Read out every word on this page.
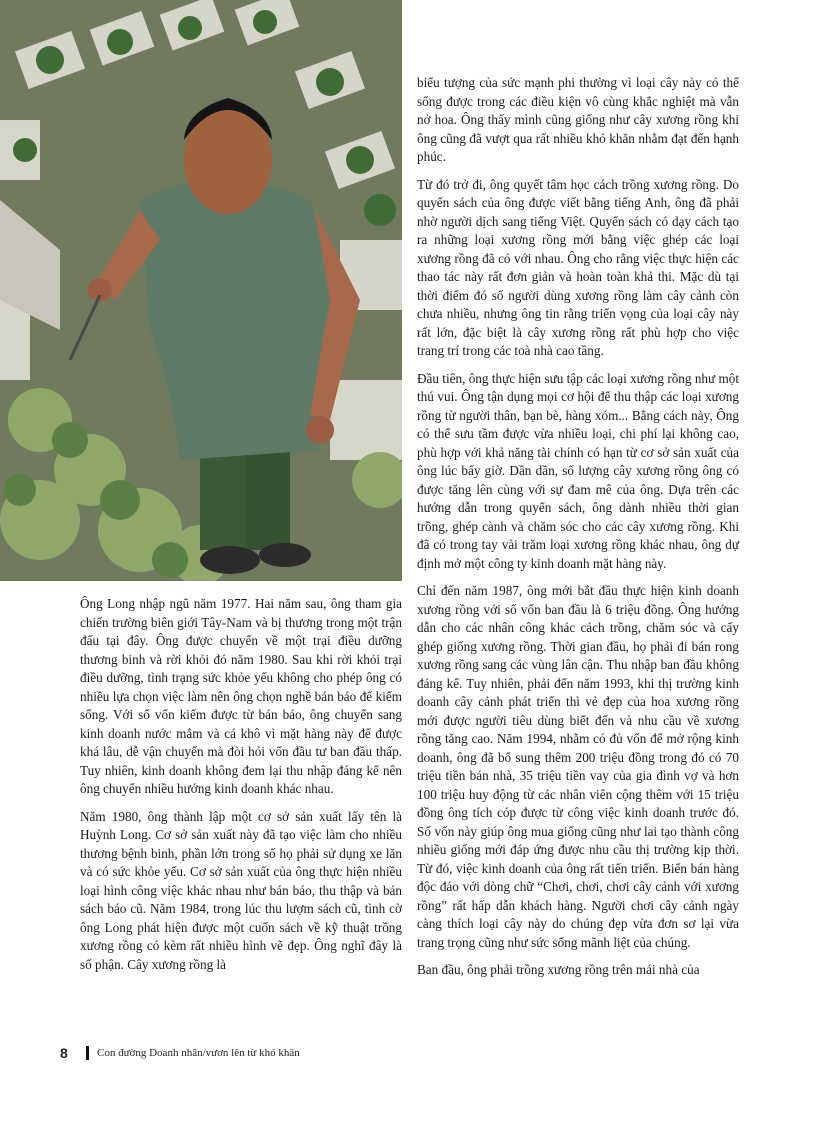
Ông Long nhập ngũ năm 1977. Hai năm sau, ông tham gia chiến trường biên giới Tây-Nam và bị thương trong một trận đấu tại đây. Ông được chuyển về một trại điều dưỡng thương binh và rời khỏi đó năm 1980. Sau khi rời khỏi trại điều dưỡng, tình trạng sức khỏe yếu không cho phép ông có nhiều lựa chọn việc làm nên ông chọn nghề bán báo để kiếm sống. Với số vốn kiếm được từ bán báo, ông chuyển sang kinh doanh nước mắm và cá khô vì mặt hàng này để được khá lâu, dễ vận chuyển mà đòi hỏi vốn đầu tư ban đầu thấp. Tuy nhiên, kinh doanh không đem lại thu nhập đáng kể nên ông chuyển nhiều hướng kinh doanh khác nhau.

Năm 1980, ông thành lập một cơ sở sản xuất lấy tên là Huỳnh Long. Cơ sở sản xuất này đã tạo việc làm cho nhiều thương bệnh binh, phần lớn trong số họ phải sử dụng xe lăn và có sức khỏe yếu. Cơ sở sản xuất của ông thực hiện nhiều loại hình công việc khác nhau như bán báo, thu thập và bán sách báo cũ. Năm 1984, trong lúc thu lượm sách cũ, tình cờ ông Long phát hiện được một cuốn sách về kỹ thuật trồng xương rồng có kèm rất nhiều hình vẽ đẹp. Ông nghĩ đây là số phận. Cây xương rồng là

biểu tượng của sức mạnh phi thường vì loại cây này có thể sống được trong các điều kiện vô cùng khắc nghiệt mà vẫn nở hoa. Ông thấy mình cũng giống như cây xương rồng khi ông cũng đã vượt qua rất nhiều khó khăn nhằm đạt đến hạnh phúc.

Từ đó trở đi, ông quyết tâm học cách trồng xương rồng. Do quyển sách của ông được viết bằng tiếng Anh, ông đã phải nhờ người dịch sang tiếng Việt. Quyển sách có dạy cách tạo ra những loại xương rồng mới bằng việc ghép các loại xương rồng đã có với nhau. Ông cho rằng việc thực hiện các thao tác này rất đơn giản và hoàn toàn khả thi. Mặc dù tại thời điểm đó số người dùng xương rồng làm cây cảnh còn chưa nhiều, nhưng ông tin rằng triển vọng của loại cây này rất lớn, đặc biệt là cây xương rồng rất phù hợp cho việc trang trí trong các toà nhà cao tầng.

Đầu tiên, ông thực hiện sưu tập các loại xương rồng như một thú vui. Ông tận dụng mọi cơ hội để thu thập các loại xương rồng từ người thân, bạn bè, hàng xóm... Bằng cách này, Ông có thể sưu tầm được vừa nhiều loại, chi phí lại không cao, phù hợp với khả năng tài chính có hạn từ cơ sở sản xuất của ông lúc bấy giờ. Dần dần, số lượng cây xương rồng ông có được tăng lên cùng với sự đam mê của ông. Dựa trên các hướng dẫn trong quyển sách, ông dành nhiều thời gian trồng, ghép cành và chăm sóc cho các cây xương rồng. Khi đã có trong tay vài trăm loại xương rồng khác nhau, ông dự định mở một công ty kinh doanh mặt hàng này.

Chỉ đến năm 1987, ông mới bắt đầu thực hiện kinh doanh xương rồng với số vốn ban đầu là 6 triệu đồng. Ông hướng dẫn cho các nhân công khác cách trồng, chăm sóc và cấy ghép giống xương rồng. Thời gian đầu, họ phải đi bán rong xương rồng sang các vùng lân cận. Thu nhập ban đầu không đáng kể. Tuy nhiên, phải đến năm 1993, khi thị trường kinh doanh cây cảnh phát triển thì vẻ đẹp của hoa xương rồng mới được người tiêu dùng biết đến và nhu cầu về xương rồng tăng cao. Năm 1994, nhằm có đủ vốn để mở rộng kinh doanh, ông đã bổ sung thêm 200 triệu đồng trong đó có 70 triệu tiền bán nhà, 35 triệu tiền vay của gia đình vợ và hơn 100 triệu huy động từ các nhân viên cộng thêm với 15 triệu đồng ông tích cóp được từ công việc kinh doanh trước đó. Số vốn này giúp ông mua giống cũng như lai tạo thành công nhiều giống mới đáp ứng được nhu cầu thị trường kịp thời. Từ đó, việc kinh doanh của ông rất tiến triển. Biển bán hàng độc đáo với dòng chữ “Chơi, chơi, chơi cây cảnh với xương rồng” rất hấp dẫn khách hàng. Người chơi cây cảnh ngày càng thích loại cây này do chúng đẹp vừa đơn sơ lại vừa trang trọng cũng như sức sống mãnh liệt của chúng.

Ban đầu, ông phải trồng xương rồng trên mái nhà của

8	Con đường Doanh nhân/vươn lên từ khó khăn
